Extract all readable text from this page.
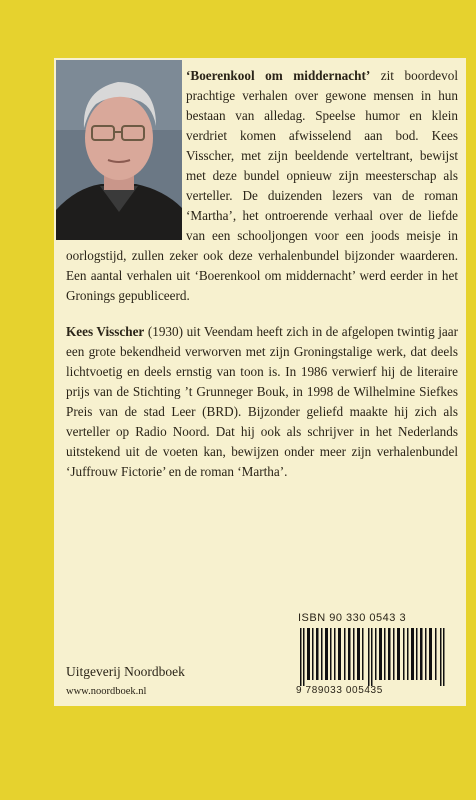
‘Boerenkool om middernacht’ zit boordevol prachtige verhalen over gewone mensen in hun bestaan van alledag. Speelse humor en klein verdriet komen afwisselend aan bod. Kees Visscher, met zijn beeldende verteltrant, bewijst met deze bundel opnieuw zijn meesterschap als verteller. De duizenden lezers van de roman ‘Martha’, het ontroerende verhaal over de liefde van een schooljongen voor een joods meisje in oorlogstijd, zullen zeker ook deze verhalenbundel bijzonder waarderen. Een aantal verhalen uit ‘Boerenkool om middernacht’ werd eerder in het Gronings gepubliceerd.

Kees Visscher (1930) uit Veendam heeft zich in de afgelopen twintig jaar een grote bekendheid verworven met zijn Groningstalige werk, dat deels lichtvoetig en deels ernstig van toon is. In 1986 verwierf hij de literaire prijs van de Stichting ’t Grunneger Bouk, in 1998 de Wilhelmine Siefkes Preis van de stad Leer (BRD). Bijzonder geliefd maakte hij zich als verteller op Radio Noord. Dat hij ook als schrijver in het Nederlands uitstekend uit de voeten kan, bewijzen onder meer zijn verhalenbundel ‘Juffrouw Fictorie’ en de roman ‘Martha’.

ISBN 90 330 0543 3
9 789033 005435
Uitgeverij Noordboek
www.noordboek.nl
